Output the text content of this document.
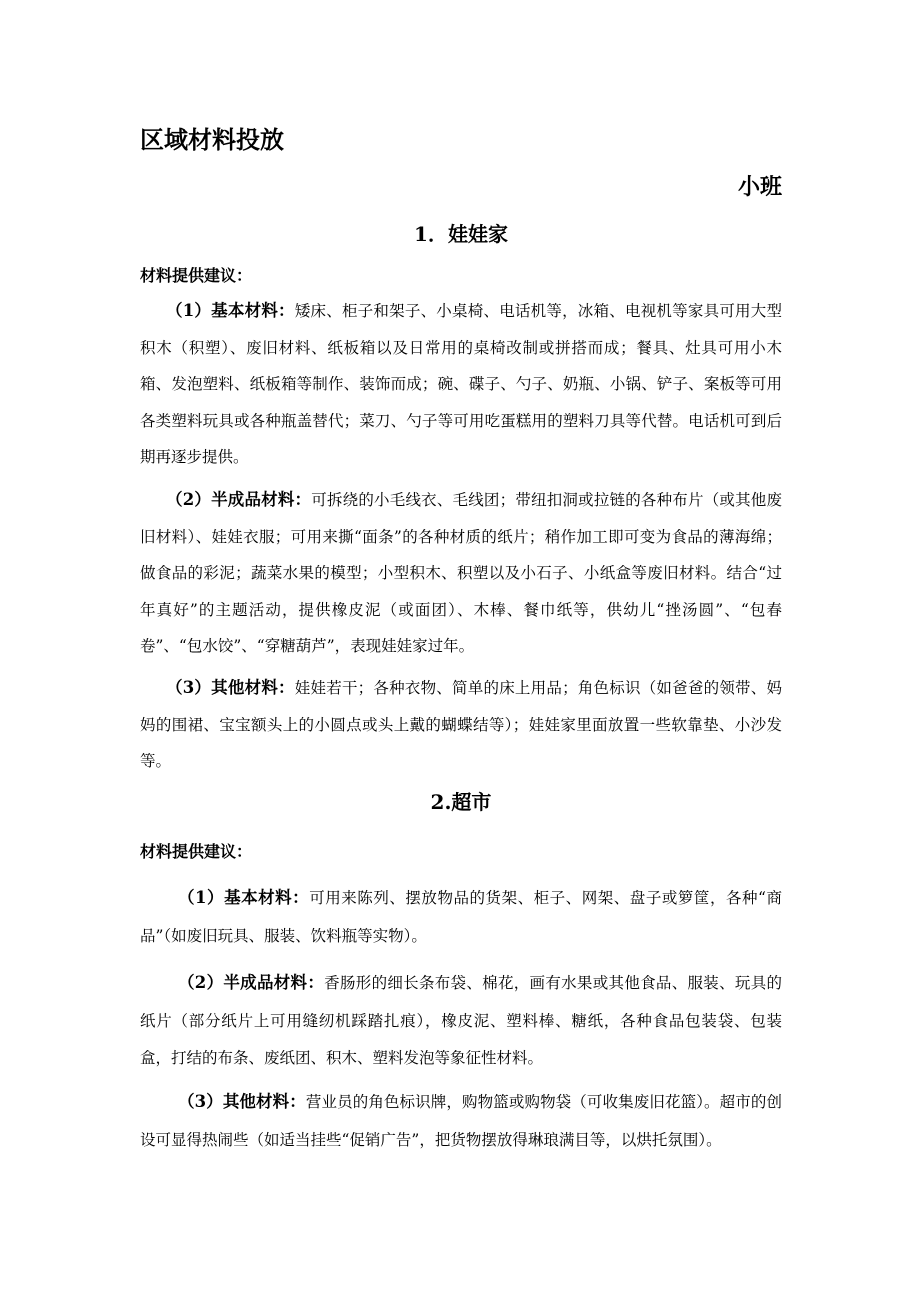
区域材料投放
小班
1．娃娃家
材料提供建议：
（1）基本材料：矮床、柜子和架子、小桌椅、电话机等，冰箱、电视机等家具可用大型积木（积塑）、废旧材料、纸板箱以及日常用的桌椅改制或拼搭而成；餐具、灶具可用小木箱、发泡塑料、纸板箱等制作、装饰而成；碗、碟子、勺子、奶瓶、小锅、铲子、案板等可用各类塑料玩具或各种瓶盖替代；菜刀、勺子等可用吃蛋糕用的塑料刀具等代替。电话机可到后期再逐步提供。
（2）半成品材料：可拆绕的小毛线衣、毛线团；带纽扣洞或拉链的各种布片（或其他废旧材料）、娃娃衣服；可用来撕“面条”的各种材质的纸片；稍作加工即可变为食品的薄海绵；做食品的彩泥；蔬菜水果的模型；小型积木、积塑以及小石子、小纸盒等废旧材料。结合“过年真好”的主题活动，提供橡皮泥（或面团）、木棒、餐巾纸等，供幼儿“挫汤圆”、“包春卷”、“包水饺”、“穿糖葫芦”，表现娃娃家过年。
（3）其他材料：娃娃若干；各种衣物、简单的床上用品；角色标识（如爸爸的领带、妈妈的围裙、宝宝额头上的小圆点或头上戴的蝴蝶结等）；娃娃家里面放置一些软靠垫、小沙发等。
2.超市
材料提供建议：
（1）基本材料：可用来陈列、摆放物品的货架、柜子、网架、盘子或箩筐，各种“商品”（如废旧玩具、服装、饮料瓶等实物）。
（2）半成品材料：香肠形的细长条布袋、棉花，画有水果或其他食品、服装、玩具的纸片（部分纸片上可用缝纫机踩踏扎痕），橡皮泥、塑料棒、糖纸，各种食品包装袋、包装盒，打结的布条、废纸团、积木、塑料发泡等象征性材料。
（3）其他材料：营业员的角色标识牌，购物篮或购物袋（可收集废旧花篮）。超市的创设可显得热闹些（如适当挂些“促销广告”，把货物摆放得琳琅满目等，以烘托氛围）。
